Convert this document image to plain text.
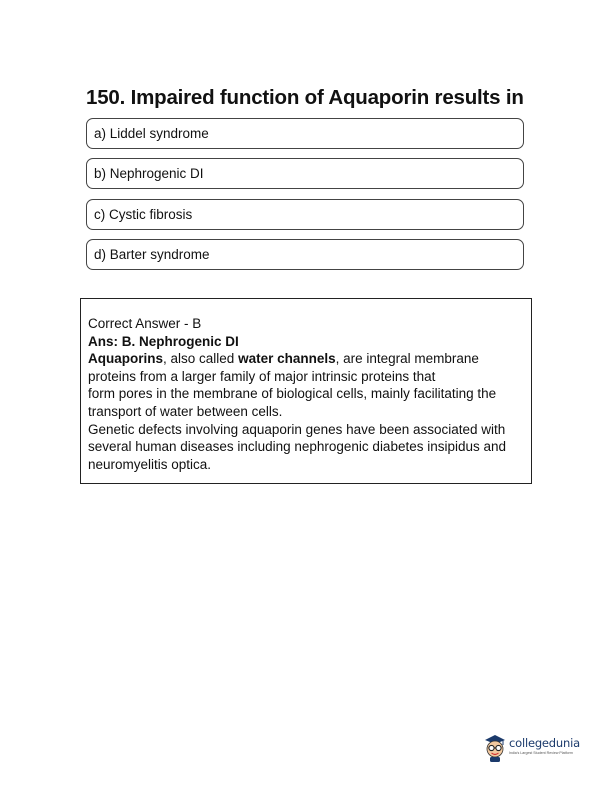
150. Impaired function of Aquaporin results in
a) Liddel syndrome
b) Nephrogenic DI
c) Cystic fibrosis
d) Barter syndrome

Correct Answer - B

Ans: B. Nephrogenic DI

Aquaporins, also called water channels, are integral membrane proteins from a larger family of major intrinsic proteins that

form pores in the membrane of biological cells, mainly facilitating the transport of water between cells.

Genetic defects involving aquaporin genes have been associated with several human diseases including nephrogenic diabetes insipidus and neuromyelitis optica.

collegedunia
India's Largest Student Review Platform
